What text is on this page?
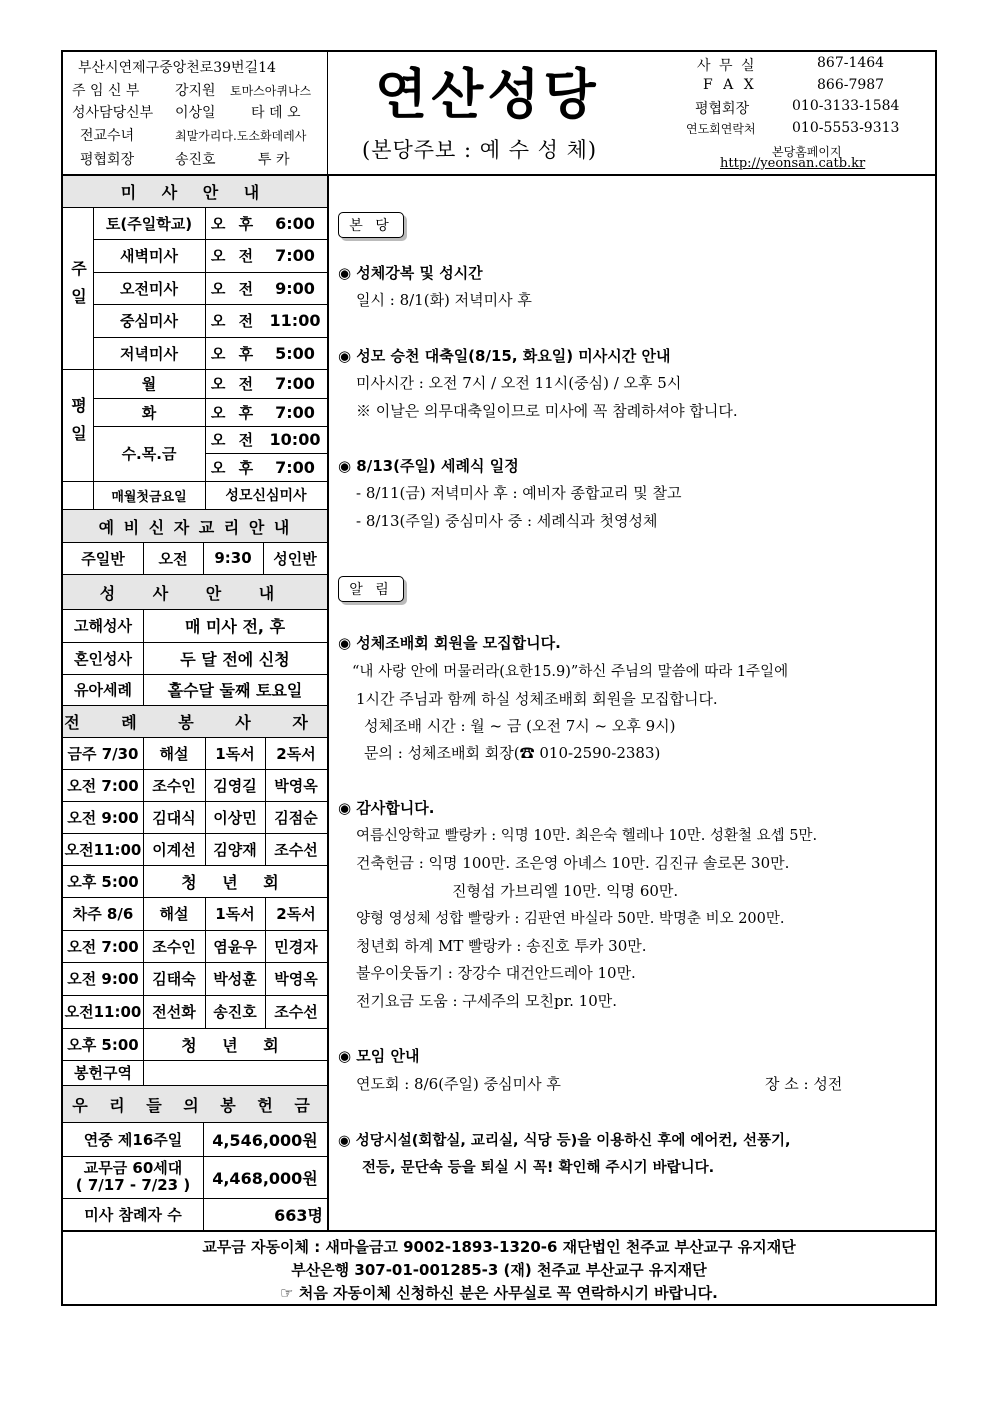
부산시연제구중앙천로39번길14
주 임 신 부	강지원 토마스아퀴나스
성사담당신부 이상일	타 데 오
전교수녀	최말가리다.도소화데레사
평협회장	송진호	투 카
연산성당
(본당주보 : 예 수 성 체)
사 무 실	867-1464
F A X	866-7987
평협회장	010-3133-1584
연도회연락처	010-5553-9313
본당홈페이지
http://yeonsan.catb.kr
미 사 안 내
주일
토(주일학교)	오 후	6:00
새벽미사	오 전	7:00
오전미사	오 전	9:00
중심미사	오 전 11:00
저녁미사	오 후	5:00
평일
월	오 전	7:00
화	오 후	7:00
수.목.금
오 전 10:00
오 후	7:00
매월첫금요일	성모신심미사
예 비 신 자 교 리 안 내
주일반	오전	9:30	성인반
성 사 안 내
고해성사	매 미사 전, 후
혼인성사	두 달 전에 신청
유아세례	홀수달 둘째 토요일
전 례 봉 사 자
금주 7/30	해설	1독서	2독서
오전 7:00 조수인	김영길	박영옥
오전 9:00 김대식	이상민	김점순
오전11:00 이계선	김양재	조수선
오후 5:00	청 년 회
차주 8/6	해설	1독서	2독서
오전 7:00 조수인	염윤우	민경자
오전 9:00 김태숙	박성훈	박영옥
오전11:00 전선화	송진호	조수선
오후 5:00	청 년 회
봉헌구역
우 리 들 의 봉 헌 금
연중 제16주일	4,546,000원
교무금 60세대
( 7/17 - 7/23 )	4,468,000원
미사 참례자 수	663명
본 당
◉ 성체강복 및 성시간
일시 : 8/1(화) 저녁미사 후
◉ 성모 승천 대축일(8/15, 화요일) 미사시간 안내
미사시간 : 오전 7시 / 오전 11시(중심) / 오후 5시
※ 이날은 의무대축일이므로 미사에 꼭 참례하셔야 합니다.
◉ 8/13(주일) 세례식 일정
- 8/11(금) 저녁미사 후 : 예비자 종합교리 및 찰고
- 8/13(주일) 중심미사 중 : 세례식과 첫영성체
알 림
◉ 성체조배회 회원을 모집합니다.
“내 사랑 안에 머물러라(요한15.9)”하신 주님의 말씀에 따라 1주일에
1시간 주님과 함께 하실 성체조배회 회원을 모집합니다.
성체조배 시간 : 월 ~ 금 (오전 7시 ~ 오후 9시)
문의 : 성체조배회 회장(☎ 010-2590-2383)
◉ 감사합니다.
여름신앙학교 빨랑카 : 익명 10만. 최은숙 헬레나 10만. 성환철 요셉 5만.
건축헌금 : 익명 100만. 조은영 아녜스 10만. 김진규 솔로몬 30만.
진형섭 가브리엘 10만. 익명 60만.
양형 영성체 성합 빨랑카 : 김판연 바실라 50만. 박명춘 비오 200만.
청년회 하계 MT 빨랑카 : 송진호 투카 30만.
불우이웃돕기 : 장강수 대건안드레아 10만.
전기요금 도움 : 구세주의 모친pr. 10만.
◉ 모임 안내
연도회 : 8/6(주일) 중심미사 후	장 소 : 성전
◉ 성당시설(회합실, 교리실, 식당 등)을 이용하신 후에 에어컨, 선풍기,
전등, 문단속 등을 퇴실 시 꼭! 확인해 주시기 바랍니다.
교무금 자동이체 : 새마을금고 9002-1893-1320-6 재단법인 천주교 부산교구 유지재단
부산은행 307-01-001285-3 (재) 천주교 부산교구 유지재단
☞ 처음 자동이체 신청하신 분은 사무실로 꼭 연락하시기 바랍니다.
